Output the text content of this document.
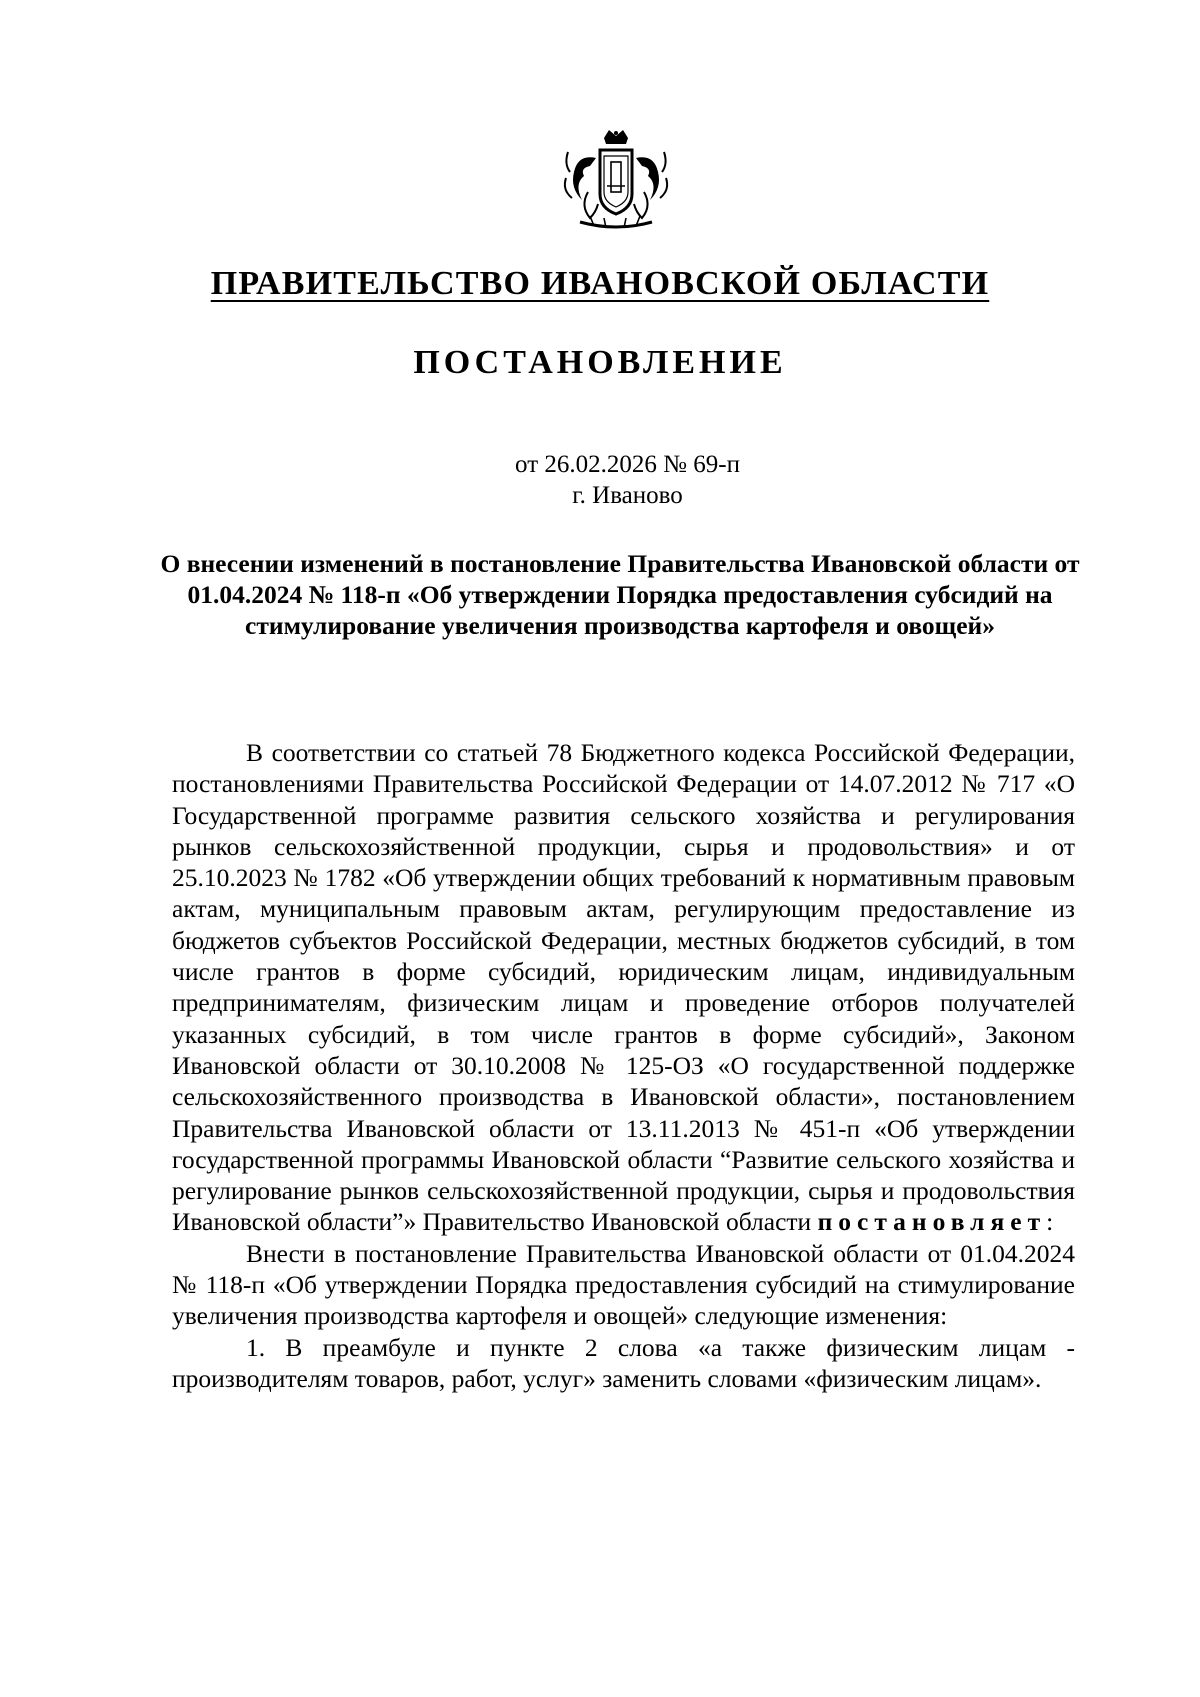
ПРАВИТЕЛЬСТВО ИВАНОВСКОЙ ОБЛАСТИ
ПОСТАНОВЛЕНИЕ
от 26.02.2026 № 69-п
г. Иваново
О внесении изменений в постановление Правительства Ивановской области от 01.04.2024 № 118-п «Об утверждении Порядка предоставления субсидий на стимулирование увеличения производства картофеля и овощей»

В соответствии со статьей 78 Бюджетного кодекса Российской Федерации, постановлениями Правительства Российской Федерации от 14.07.2012 № 717 «О Государственной программе развития сельского хозяйства и регулирования рынков сельскохозяйственной продукции, сырья и продовольствия» и от 25.10.2023 № 1782 «Об утверждении общих требований к нормативным правовым актам, муниципальным правовым актам, регулирующим предоставление из бюджетов субъектов Российской Федерации, местных бюджетов субсидий, в том числе грантов в форме субсидий, юридическим лицам, индивидуальным предпринимателям, физическим лицам и проведение отборов получателей указанных субсидий, в том числе грантов в форме субсидий», Законом Ивановской области от 30.10.2008 № 125-ОЗ «О государственной поддержке сельскохозяйственного производства в Ивановской области», постановлением Правительства Ивановской области от 13.11.2013 № 451-п «Об утверждении государственной программы Ивановской области “Развитие сельского хозяйства и регулирование рынков сельскохозяйственной продукции, сырья и продовольствия Ивановской области”» Правительство Ивановской области постановляет:

Внести в постановление Правительства Ивановской области от 01.04.2024 № 118-п «Об утверждении Порядка предоставления субсидий на стимулирование увеличения производства картофеля и овощей» следующие изменения:

1. В преамбуле и пункте 2 слова «а также физическим лицам - производителям товаров, работ, услуг» заменить словами «физическим лицам».
